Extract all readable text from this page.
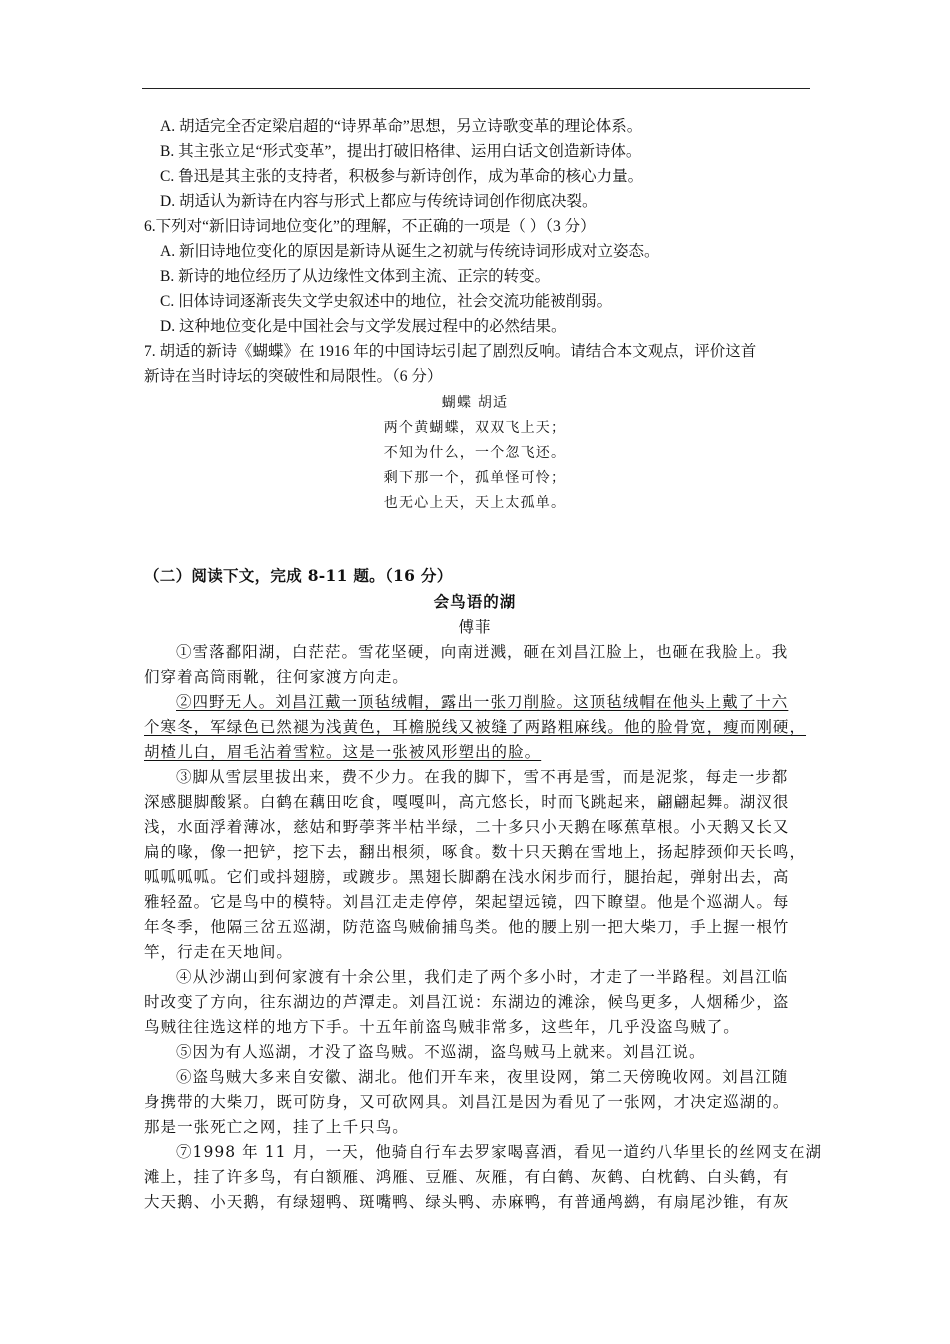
A. 胡适完全否定梁启超的“诗界革命”思想，另立诗歌变革的理论体系。
B. 其主张立足“形式变革”，提出打破旧格律、运用白话文创造新诗体。
C. 鲁迅是其主张的支持者，积极参与新诗创作，成为革命的核心力量。
D. 胡适认为新诗在内容与形式上都应与传统诗词创作彻底决裂。
6.下列对“新旧诗词地位变化”的理解，不正确的一项是（ ）（3 分）
A. 新旧诗地位变化的原因是新诗从诞生之初就与传统诗词形成对立姿态。
B. 新诗的地位经历了从边缘性文体到主流、正宗的转变。
C. 旧体诗词逐渐丧失文学史叙述中的地位，社会交流功能被削弱。
D. 这种地位变化是中国社会与文学发展过程中的必然结果。
7. 胡适的新诗《蝴蝶》在 1916 年的中国诗坛引起了剧烈反响。请结合本文观点，评价这首
新诗在当时诗坛的突破性和局限性。（6 分）
蝴蝶 胡适
两个黄蝴蝶，双双飞上天；
不知为什么，一个忽飞还。
剩下那一个，孤单怪可怜；
也无心上天，天上太孤单。
（二）阅读下文，完成 8-11 题。（16 分）
会鸟语的湖
傅菲
①雪落鄱阳湖，白茫茫。雪花坚硬，向南迸溅，砸在刘昌江脸上，也砸在我脸上。我
们穿着高筒雨靴，往何家渡方向走。
②四野无人。刘昌江戴一顶毡绒帽，露出一张刀削脸。这顶毡绒帽在他头上戴了十六
个寒冬，军绿色已然褪为浅黄色，耳檐脱线又被缝了两路粗麻线。他的脸骨宽，瘦而刚硬，
胡楂儿白，眉毛沾着雪粒。这是一张被风形塑出的脸。
③脚从雪层里拔出来，费不少力。在我的脚下，雪不再是雪，而是泥浆，每走一步都
深感腿脚酸紧。白鹤在藕田吃食，嘎嘎叫，高亢悠长，时而飞跳起来，翩翩起舞。湖汊很
浅，水面浮着薄冰，慈姑和野荸荠半枯半绿，二十多只小天鹅在啄蕉草根。小天鹅又长又
扁的喙，像一把铲，挖下去，翻出根须，啄食。数十只天鹅在雪地上，扬起脖颈仰天长鸣，
呱呱呱呱。它们或抖翅膀，或踱步。黑翅长脚鹬在浅水闲步而行，腿抬起，弹射出去，高
雅轻盈。它是鸟中的模特。刘昌江走走停停，架起望远镜，四下瞭望。他是个巡湖人。每
年冬季，他隔三岔五巡湖，防范盗鸟贼偷捕鸟类。他的腰上别一把大柴刀，手上握一根竹
竿，行走在天地间。
④从沙湖山到何家渡有十余公里，我们走了两个多小时，才走了一半路程。刘昌江临
时改变了方向，往东湖边的芦潭走。刘昌江说：东湖边的滩涂，候鸟更多，人烟稀少，盗
鸟贼往往选这样的地方下手。十五年前盗鸟贼非常多，这些年，几乎没盗鸟贼了。
⑤因为有人巡湖，才没了盗鸟贼。不巡湖，盗鸟贼马上就来。刘昌江说。
⑥盗鸟贼大多来自安徽、湖北。他们开车来，夜里设网，第二天傍晚收网。刘昌江随
身携带的大柴刀，既可防身，又可砍网具。刘昌江是因为看见了一张网，才决定巡湖的。
那是一张死亡之网，挂了上千只鸟。
⑦1998 年 11 月，一天，他骑自行车去罗家喝喜酒，看见一道约八华里长的丝网支在湖
滩上，挂了许多鸟，有白额雁、鸿雁、豆雁、灰雁，有白鹤、灰鹤、白枕鹤、白头鹤，有
大天鹅、小天鹅，有绿翅鸭、斑嘴鸭、绿头鸭、赤麻鸭，有普通鸬鹚，有扇尾沙锥，有灰
